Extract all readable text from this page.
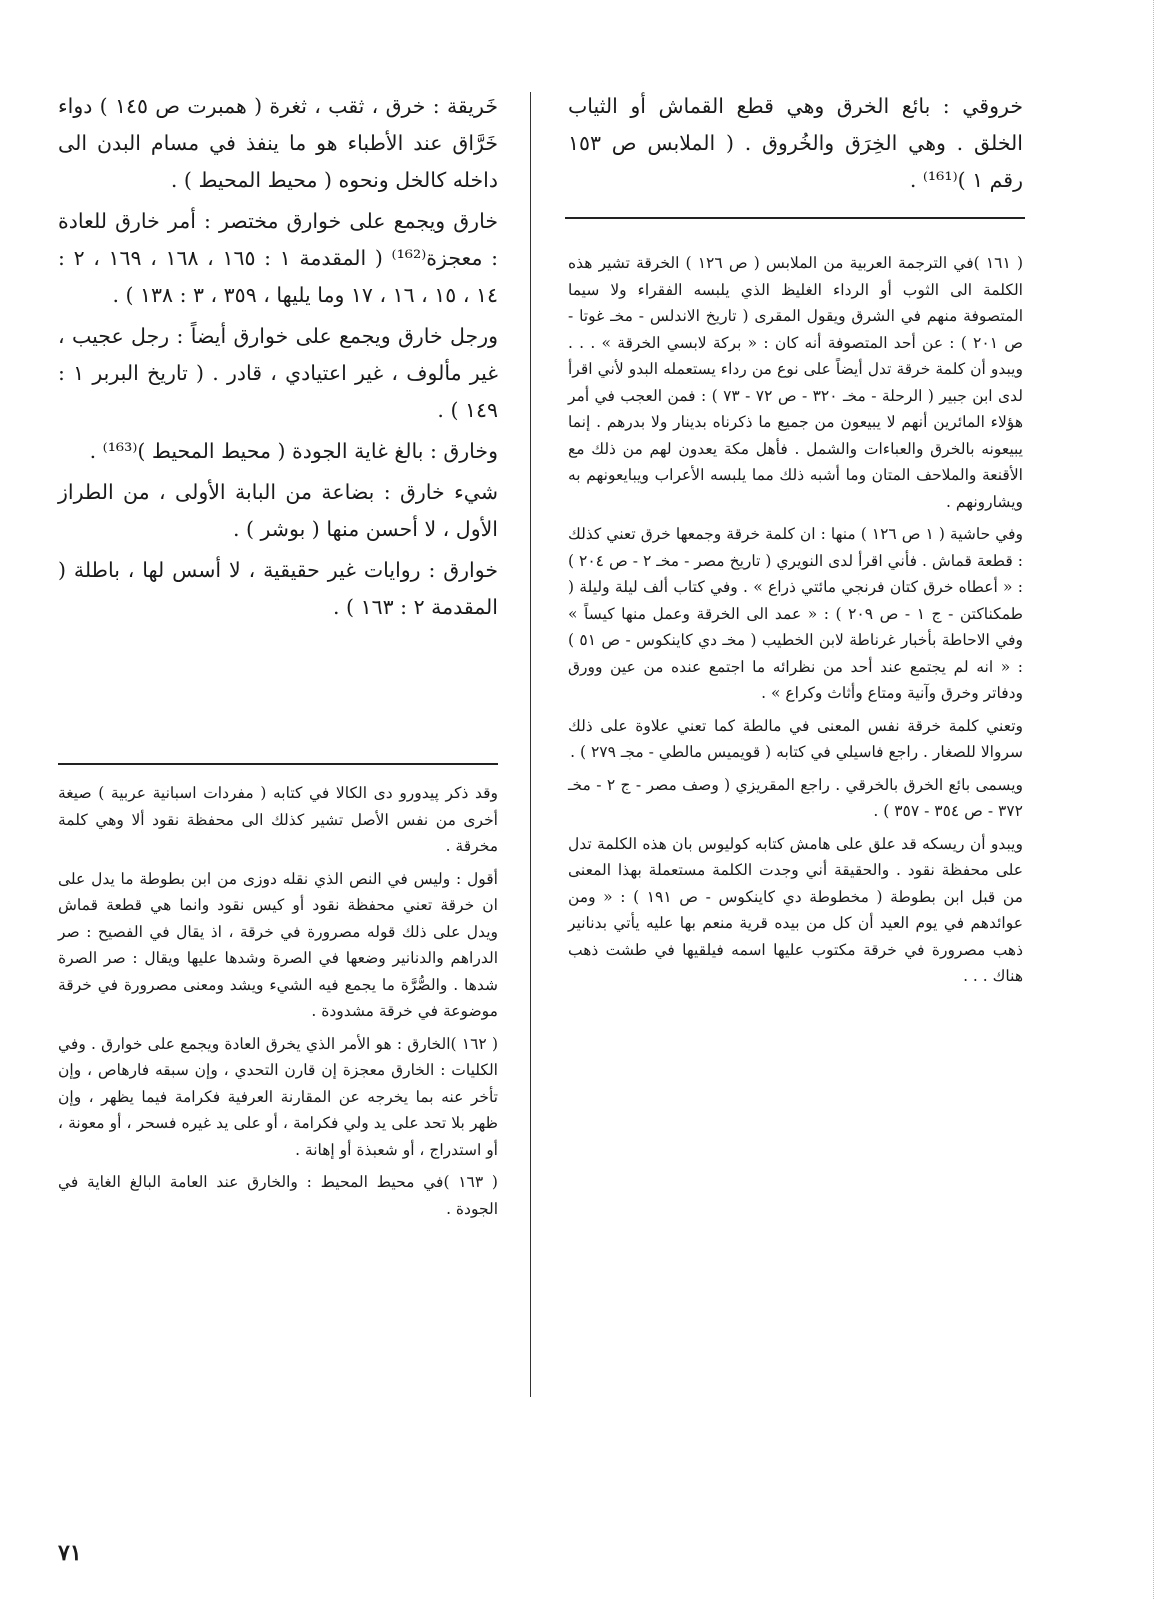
خروقي : بائع الخرق وهي قطع القماش أو الثياب الخلق . وهي الخِرَق والخُروق . ( الملابس ص ١٥٣ رقم ١ )⁽¹⁶¹⁾ .

( ١٦١ )في الترجمة العربية من الملابس ( ص ١٢٦ ) الخرقة تشير هذه الكلمة الى الثوب أو الرداء الغليظ الذي يلبسه الفقراء ولا سيما المتصوفة منهم في الشرق ويقول المقرى ( تاريخ الاندلس - مخـ غوتا - ص ٢٠١ ) : عن أحد المتصوفة أنه كان : « بركة لابسي الخرقة » . . . ويبدو أن كلمة خرقة تدل أيضاً على نوع من رداء يستعمله البدو لأني اقرأ لدى ابن جبير ( الرحلة - مخـ ٣٢٠ - ص ٧٢ - ٧٣ ) : فمن العجب في أمر هؤلاء المائرين أنهم لا يبيعون من جميع ما ذكرناه بدينار ولا بدرهم . إنما يبيعونه بالخرق والعباءات والشمل . فأهل مكة يعدون لهم من ذلك مع الأقنعة والملاحف المتان وما أشبه ذلك مما يلبسه الأعراب ويبايعونهم به ويشارونهم .

وفي حاشية ( ١ ص ١٢٦ ) منها : ان كلمة خرقة وجمعها خرق تعني كذلك : قطعة قماش . فأني اقرأ لدى النويري ( تاريخ مصر - مخـ ٢ - ص ٢٠٤ ) : « أعطاه خرق كتان فرنجي مائتي ذراع » . وفي كتاب ألف ليلة وليلة ( طمكناكتن - ج ١ - ص ٢٠٩ ) : « عمد الى الخرقة وعمل منها كيساً » وفي الاحاطة بأخبار غرناطة لابن الخطيب ( مخـ دي كاينكوس - ص ٥١ ) : « انه لم يجتمع عند أحد من نظرائه ما اجتمع عنده من عين وورق ودفاتر وخرق وآنية ومتاع وأثاث وكراع » .

وتعني كلمة خرقة نفس المعنى في مالطة كما تعني علاوة على ذلك سروالا للصغار . راجع فاسيلي في كتابه ( قويميس مالطي - مجـ ٢٧٩ ) .

ويسمى بائع الخرق بالخرقي . راجع المقريزي ( وصف مصر - ج ٢ - مخـ ٣٧٢ - ص ٣٥٤ - ٣٥٧ ) .

ويبدو أن ريسكه قد علق على هامش كتابه كوليوس بان هذه الكلمة تدل على محفظة نقود . والحقيقة أني وجدت الكلمة مستعملة بهذا المعنى من قبل ابن بطوطة ( مخطوطة دي كاينكوس - ص ١٩١ ) : « ومن عوائدهم في يوم العيد أن كل من بيده قرية منعم بها عليه يأتي بدنانير ذهب مصرورة في خرقة مكتوب عليها اسمه فيلقيها في طشت ذهب هناك . . .

خَريقة : خرق ، ثقب ، ثغرة ( همبرت ص ١٤٥ ) دواء خَرَّاق عند الأطباء هو ما ينفذ في مسام البدن الى داخله كالخل ونحوه ( محيط المحيط ) .

خارق ويجمع على خوارق مختصر : أمر خارق للعادة : معجزة⁽¹⁶²⁾ ( المقدمة ١ : ١٦٥ ، ١٦٨ ، ١٦٩ ، ٢ : ١٤ ، ١٥ ، ١٦ ، ١٧ وما يليها ، ٣٥٩ ، ٣ : ١٣٨ ) .

ورجل خارق ويجمع على خوارق أيضاً : رجل عجيب ، غير مألوف ، غير اعتيادي ، قادر . ( تاريخ البربر ١ : ١٤٩ ) .

وخارق : بالغ غاية الجودة ( محيط المحيط )⁽¹⁶³⁾ .

شيء خارق : بضاعة من البابة الأولى ، من الطراز الأول ، لا أحسن منها ( بوشر ) .

خوارق : روايات غير حقيقية ، لا أسس لها ، باطلة ( المقدمة ٢ : ١٦٣ ) .

وقد ذكر پيدورو دى الكالا في كتابه ( مفردات اسبانية عربية ) صيغة أخرى من نفس الأصل تشير كذلك الى محفظة نقود ألا وهي كلمة مخرقة .

أقول : وليس في النص الذي نقله دوزى من ابن بطوطة ما يدل على ان خرقة تعني محفظة نقود أو كيس نقود وانما هي قطعة قماش ويدل على ذلك قوله مصرورة في خرقة ، اذ يقال في الفصيح : صر الدراهم والدنانير وضعها في الصرة وشدها عليها ويقال : صر الصرة شدها . والصُّرَّة ما يجمع فيه الشيء ويشد ومعنى مصرورة في خرقة موضوعة في خرقة مشدودة .

( ١٦٢ )الخارق : هو الأمر الذي يخرق العادة ويجمع على خوارق . وفي الكليات : الخارق معجزة إن قارن التحدي ، وإن سبقه فارهاص ، وإن تأخر عنه بما يخرجه عن المقارنة العرفية فكرامة فيما يظهر ، وإن ظهر بلا تحد على يد ولي فكرامة ، أو على يد غيره فسحر ، أو معونة ، أو استدراج ، أو شعبذة أو إهانة .

( ١٦٣ )في محيط المحيط : والخارق عند العامة البالغ الغاية في الجودة .

٧١
